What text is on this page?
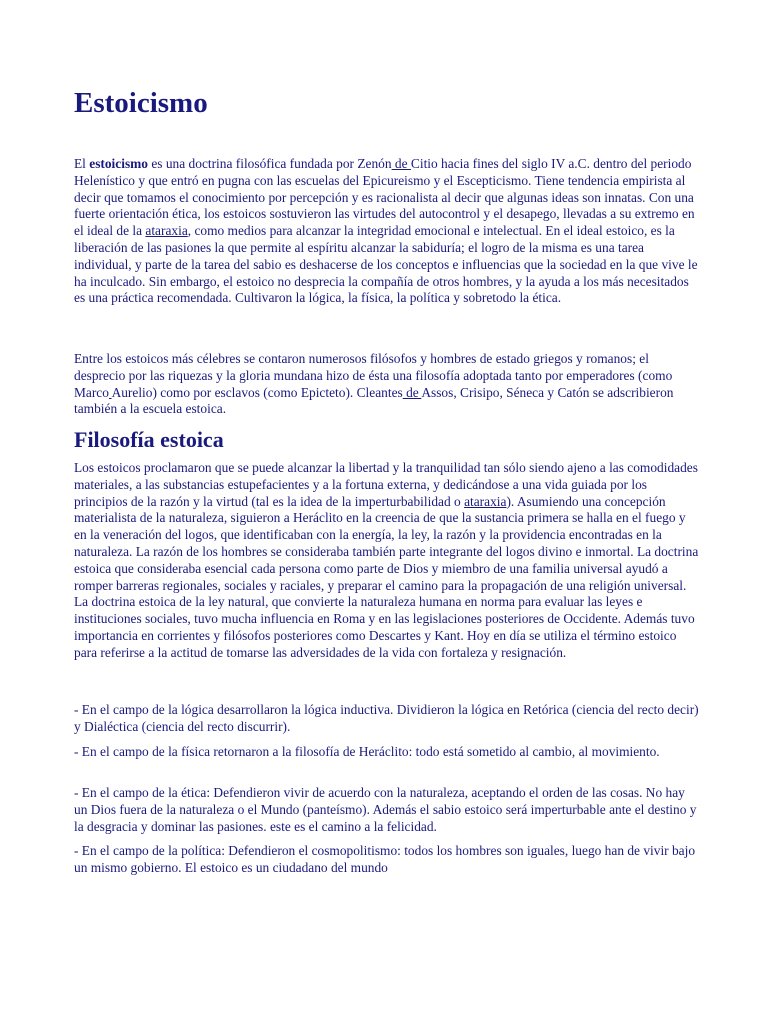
Estoicismo
El estoicismo es una doctrina filosófica fundada por Zenón de Citio hacia fines del siglo IV a.C. dentro del periodo Helenístico y que entró en pugna con las escuelas del Epicureismo y el Escepticismo. Tiene tendencia empirista al decir que tomamos el conocimiento por percepción y es racionalista al decir que algunas ideas son innatas. Con una fuerte orientación ética, los estoicos sostuvieron las virtudes del autocontrol y el desapego, llevadas a su extremo en el ideal de la ataraxia, como medios para alcanzar la integridad emocional e intelectual. En el ideal estoico, es la liberación de las pasiones la que permite al espíritu alcanzar la sabiduría; el logro de la misma es una tarea individual, y parte de la tarea del sabio es deshacerse de los conceptos e influencias que la sociedad en la que vive le ha inculcado. Sin embargo, el estoico no desprecia la compañía de otros hombres, y la ayuda a los más necesitados es una práctica recomendada. Cultivaron la lógica, la física, la política y sobretodo la ética.
Entre los estoicos más célebres se contaron numerosos filósofos y hombres de estado griegos y romanos; el desprecio por las riquezas y la gloria mundana hizo de ésta una filosofía adoptada tanto por emperadores (como Marco Aurelio) como por esclavos (como Epicteto). Cleantes de Assos, Crisipo, Séneca y Catón se adscribieron también a la escuela estoica.
Filosofía estoica
Los estoicos proclamaron que se puede alcanzar la libertad y la tranquilidad tan sólo siendo ajeno a las comodidades materiales, a las substancias estupefacientes y a la fortuna externa, y dedicándose a una vida guiada por los principios de la razón y la virtud (tal es la idea de la imperturbabilidad o ataraxia). Asumiendo una concepción materialista de la naturaleza, siguieron a Heráclito en la creencia de que la sustancia primera se halla en el fuego y en la veneración del logos, que identificaban con la energía, la ley, la razón y la providencia encontradas en la naturaleza. La razón de los hombres se consideraba también parte integrante del logos divino e inmortal. La doctrina estoica que consideraba esencial cada persona como parte de Dios y miembro de una familia universal ayudó a romper barreras regionales, sociales y raciales, y preparar el camino para la propagación de una religión universal. La doctrina estoica de la ley natural, que convierte la naturaleza humana en norma para evaluar las leyes e instituciones sociales, tuvo mucha influencia en Roma y en las legislaciones posteriores de Occidente. Además tuvo importancia en corrientes y filósofos posteriores como Descartes y Kant. Hoy en día se utiliza el término estoico para referirse a la actitud de tomarse las adversidades de la vida con fortaleza y resignación.
- En el campo de la lógica desarrollaron la lógica inductiva. Dividieron la lógica en Retórica (ciencia del recto decir) y Dialéctica (ciencia del recto discurrir).
- En el campo de la física retornaron a la filosofía de Heráclito: todo está sometido al cambio, al movimiento.
- En el campo de la ética: Defendieron vivir de acuerdo con la naturaleza, aceptando el orden de las cosas. No hay un Dios fuera de la naturaleza o el Mundo (panteísmo). Además el sabio estoico será imperturbable ante el destino y la desgracia y dominar las pasiones. este es el camino a la felicidad.
- En el campo de la política: Defendieron el cosmopolitismo: todos los hombres son iguales, luego han de vivir bajo un mismo gobierno. El estoico es un ciudadano del mundo
